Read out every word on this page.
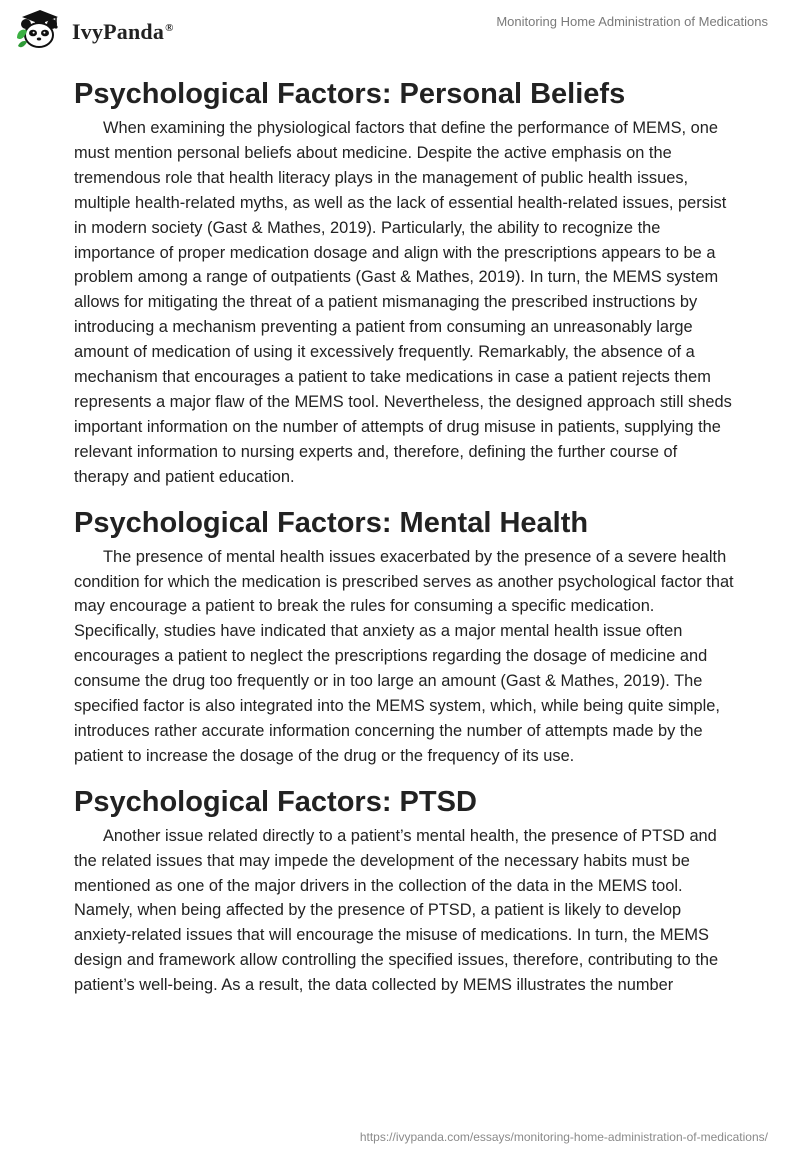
IvyPanda®	Monitoring Home Administration of Medications
Psychological Factors: Personal Beliefs

When examining the physiological factors that define the performance of MEMS, one must mention personal beliefs about medicine. Despite the active emphasis on the tremendous role that health literacy plays in the management of public health issues, multiple health-related myths, as well as the lack of essential health-related issues, persist in modern society (Gast & Mathes, 2019). Particularly, the ability to recognize the importance of proper medication dosage and align with the prescriptions appears to be a problem among a range of outpatients (Gast & Mathes, 2019). In turn, the MEMS system allows for mitigating the threat of a patient mismanaging the prescribed instructions by introducing a mechanism preventing a patient from consuming an unreasonably large amount of medication of using it excessively frequently. Remarkably, the absence of a mechanism that encourages a patient to take medications in case a patient rejects them represents a major flaw of the MEMS tool. Nevertheless, the designed approach still sheds important information on the number of attempts of drug misuse in patients, supplying the relevant information to nursing experts and, therefore, defining the further course of therapy and patient education.

Psychological Factors: Mental Health

The presence of mental health issues exacerbated by the presence of a severe health condition for which the medication is prescribed serves as another psychological factor that may encourage a patient to break the rules for consuming a specific medication. Specifically, studies have indicated that anxiety as a major mental health issue often encourages a patient to neglect the prescriptions regarding the dosage of medicine and consume the drug too frequently or in too large an amount (Gast & Mathes, 2019). The specified factor is also integrated into the MEMS system, which, while being quite simple, introduces rather accurate information concerning the number of attempts made by the patient to increase the dosage of the drug or the frequency of its use.

Psychological Factors: PTSD

Another issue related directly to a patient’s mental health, the presence of PTSD and the related issues that may impede the development of the necessary habits must be mentioned as one of the major drivers in the collection of the data in the MEMS tool. Namely, when being affected by the presence of PTSD, a patient is likely to develop anxiety-related issues that will encourage the misuse of medications. In turn, the MEMS design and framework allow controlling the specified issues, therefore, contributing to the patient’s well-being. As a result, the data collected by MEMS illustrates the number

https://ivypanda.com/essays/monitoring-home-administration-of-medications/
